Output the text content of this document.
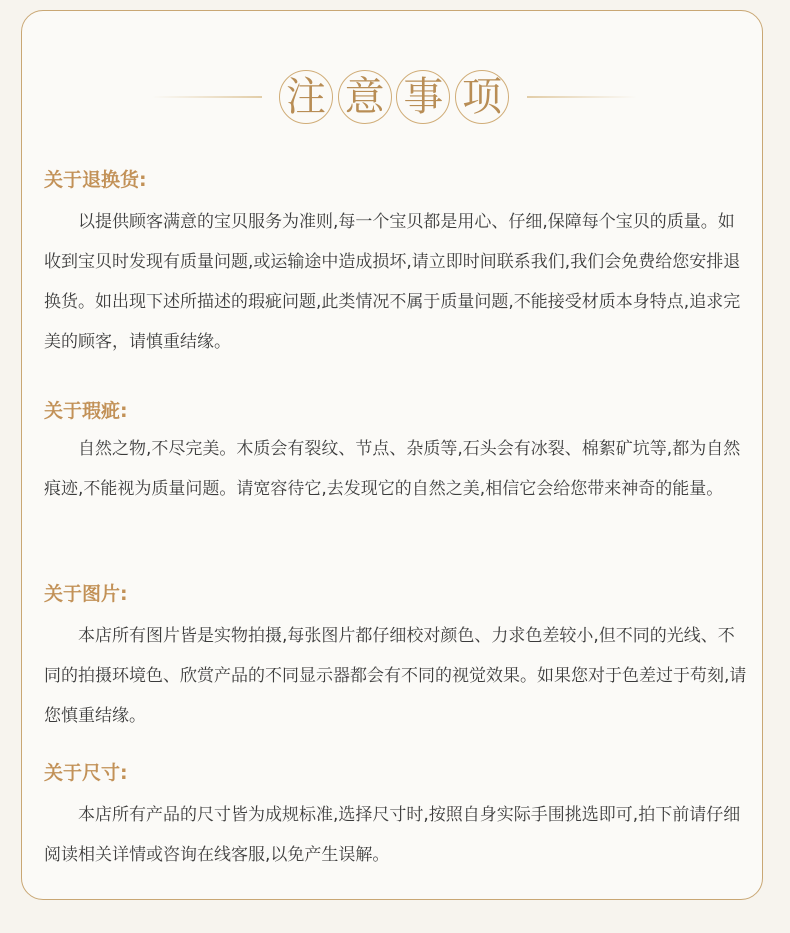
注 意 事 项
关于退换货:

以提供顾客满意的宝贝服务为准则,每一个宝贝都是用心、仔细,保障每个宝贝的质量。如收到宝贝时发现有质量问题,或运输途中造成损坏,请立即时间联系我们,我们会免费给您安排退换货。如出现下述所描述的瑕疵问题,此类情况不属于质量问题,不能接受材质本身特点,追求完美的顾客，请慎重结缘。

关于瑕疵:

自然之物,不尽完美。木质会有裂纹、节点、杂质等,石头会有冰裂、棉絮矿坑等,都为自然痕迹,不能视为质量问题。请宽容待它,去发现它的自然之美,相信它会给您带来神奇的能量。

关于图片:

本店所有图片皆是实物拍摄,每张图片都仔细校对颜色、力求色差较小,但不同的光线、不同的拍摄环境色、欣赏产品的不同显示器都会有不同的视觉效果。如果您对于色差过于苟刻,请您慎重结缘。

关于尺寸:

本店所有产品的尺寸皆为成规标准,选择尺寸时,按照自身实际手围挑选即可,拍下前请仔细阅读相关详情或咨询在线客服,以免产生误解。
